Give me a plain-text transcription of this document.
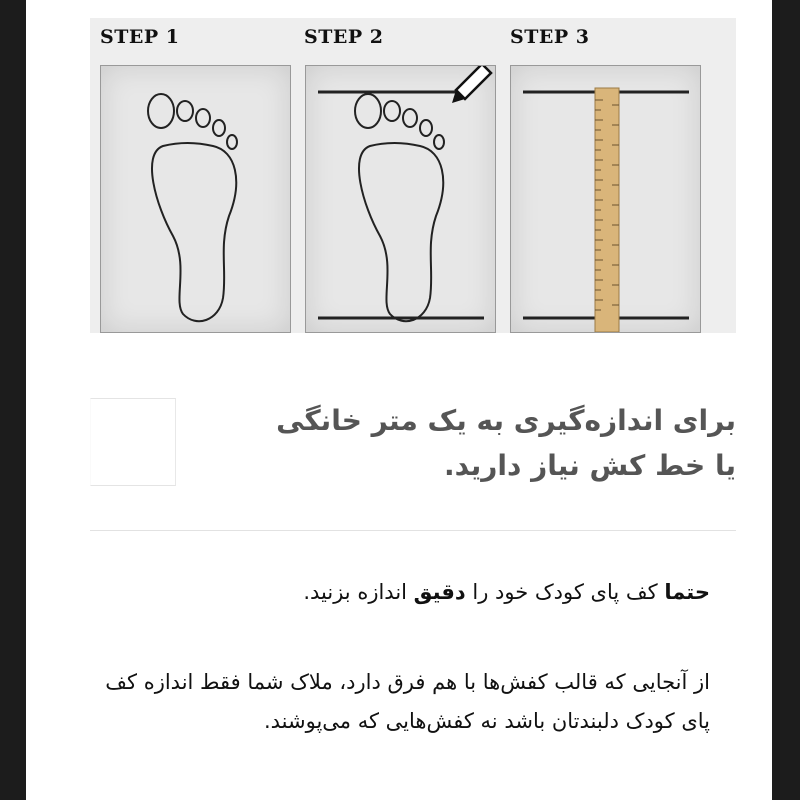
STEP 1	STEP 2	STEP 3
برای اندازه‌گیری به یک متر خانگی
یا خط کش نیاز دارید.
حتما کف پای کودک خود را دقیق اندازه بزنید.
از آنجایی که قالب کفش‌ها با هم فرق دارد، ملاک شما فقط اندازه کف پای کودک دلبندتان باشد نه کفش‌هایی که می‌پوشند.
